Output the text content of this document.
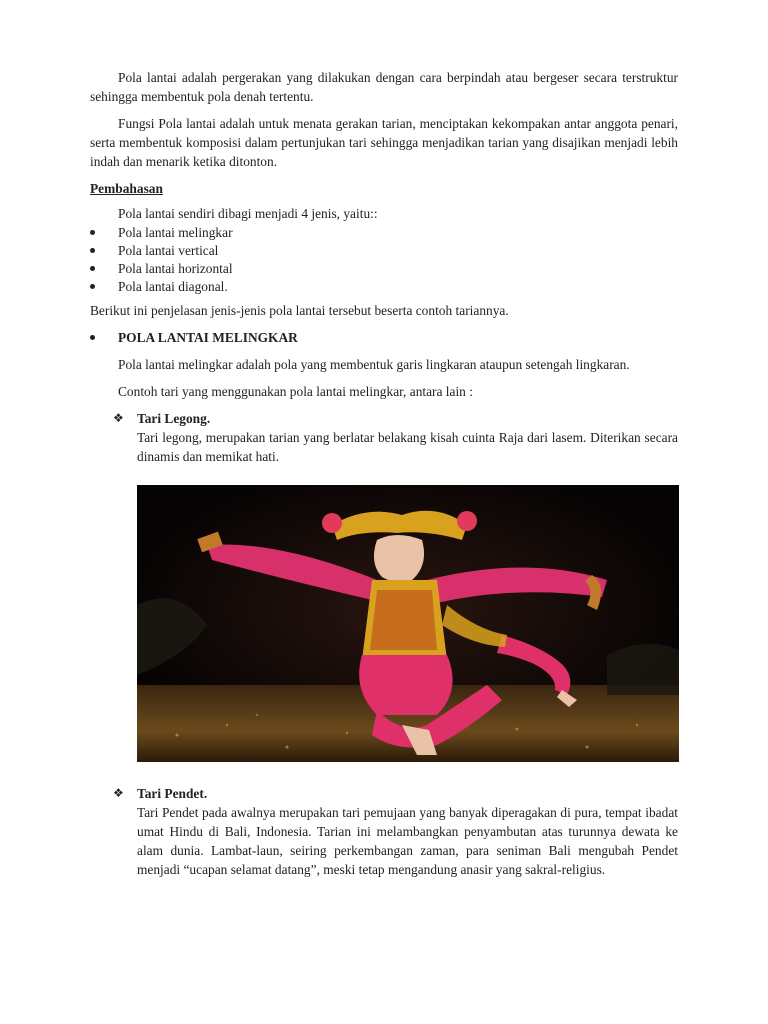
Pola lantai adalah pergerakan yang dilakukan dengan cara berpindah atau bergeser secara terstruktur sehingga membentuk pola denah tertentu.

Fungsi Pola lantai adalah untuk menata gerakan tarian, menciptakan kekompakan antar anggota penari, serta membentuk komposisi dalam pertunjukan tari sehingga menjadikan tarian yang disajikan menjadi lebih indah dan menarik ketika ditonton.

Pembahasan

Pola lantai sendiri dibagi menjadi 4 jenis, yaitu::

Pola lantai melingkar
Pola lantai vertical
Pola lantai horizontal
Pola lantai diagonal.

Berikut ini penjelasan jenis-jenis pola lantai tersebut beserta contoh tariannya.

POLA LANTAI MELINGKAR

Pola lantai melingkar adalah pola yang membentuk garis lingkaran ataupun setengah lingkaran.

Contoh tari yang menggunakan pola lantai melingkar, antara lain :

❖ Tari Legong.
Tari legong, merupakan tarian yang berlatar belakang kisah cuinta Raja dari lasem. Diterikan secara dinamis dan memikat hati.
❖ Tari Pendet.
Tari Pendet pada awalnya merupakan tari pemujaan yang banyak diperagakan di pura, tempat ibadat umat Hindu di Bali, Indonesia. Tarian ini melambangkan penyambutan atas turunnya dewata ke alam dunia. Lambat-laun, seiring perkembangan zaman, para seniman Bali mengubah Pendet menjadi “ucapan selamat datang”, meski tetap mengandung anasir yang sakral-religius.
